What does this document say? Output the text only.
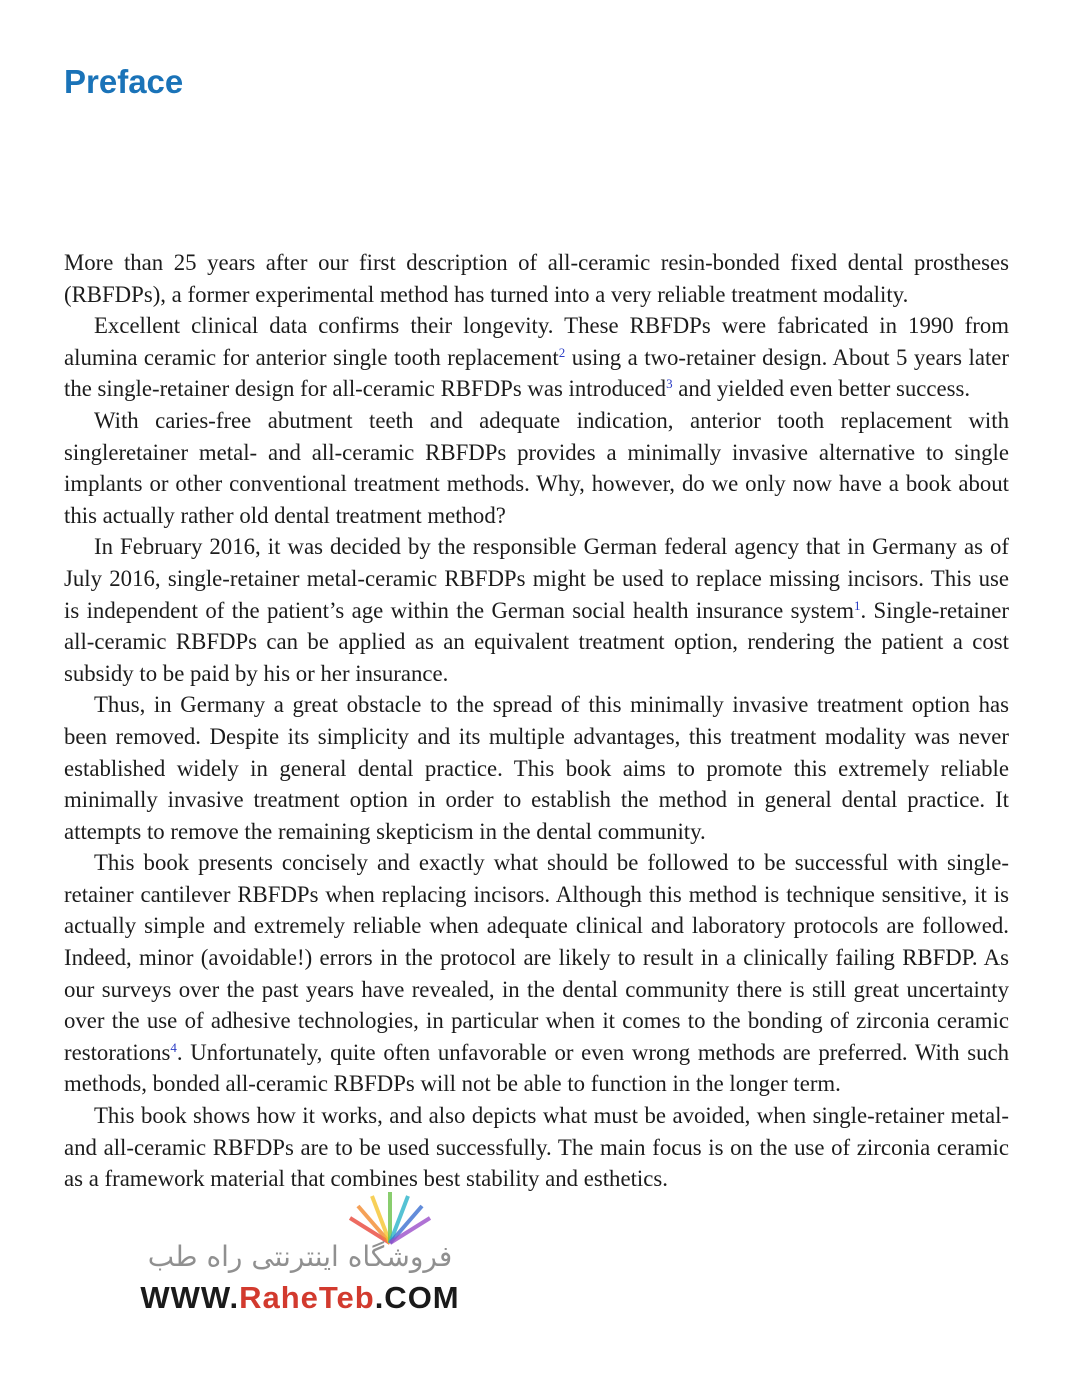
Preface

More than 25 years after our first description of all-ceramic resin-bonded fixed dental prostheses (RBFDPs), a former experimental method has turned into a very reliable treatment modality.

Excellent clinical data confirms their longevity. These RBFDPs were fabricated in 1990 from alumina ceramic for anterior single tooth replacement$^2$ using a two-retainer design. About 5 years later the single-retainer design for all-ceramic RBFDPs was introduced$^3$ and yielded even better success.

With caries-free abutment teeth and adequate indication, anterior tooth replacement with singleretainer metal- and all-ceramic RBFDPs provides a minimally invasive alternative to single implants or other conventional treatment methods. Why, however, do we only now have a book about this actually rather old dental treatment method?

In February 2016, it was decided by the responsible German federal agency that in Germany as of July 2016, single-retainer metal-ceramic RBFDPs might be used to replace missing incisors. This use is independent of the patient’s age within the German social health insurance system$^1$. Single-retainer all-ceramic RBFDPs can be applied as an equivalent treatment option, rendering the patient a cost subsidy to be paid by his or her insurance.

Thus, in Germany a great obstacle to the spread of this minimally invasive treatment option has been removed. Despite its simplicity and its multiple advantages, this treatment modality was never established widely in general dental practice. This book aims to promote this extremely reliable minimally invasive treatment option in order to establish the method in general dental practice. It attempts to remove the remaining skepticism in the dental community.

This book presents concisely and exactly what should be followed to be successful with single-retainer cantilever RBFDPs when replacing incisors. Although this method is technique sensitive, it is actually simple and extremely reliable when adequate clinical and laboratory protocols are followed. Indeed, minor (avoidable!) errors in the protocol are likely to result in a clinically failing RBFDP. As our surveys over the past years have revealed, in the dental community there is still great uncertainty over the use of adhesive technologies, in particular when it comes to the bonding of zirconia ceramic restorations$^4$. Unfortunately, quite often unfavorable or even wrong methods are preferred. With such methods, bonded all-ceramic RBFDPs will not be able to function in the longer term.

This book shows how it works, and also depicts what must be avoided, when single-retainer metal- and all-ceramic RBFDPs are to be used successfully. The main focus is on the use of zirconia ceramic as a framework material that combines best stability and esthetics.

فروشگاه اینترنتی راه طب
WWW.RaheTeb.COM
